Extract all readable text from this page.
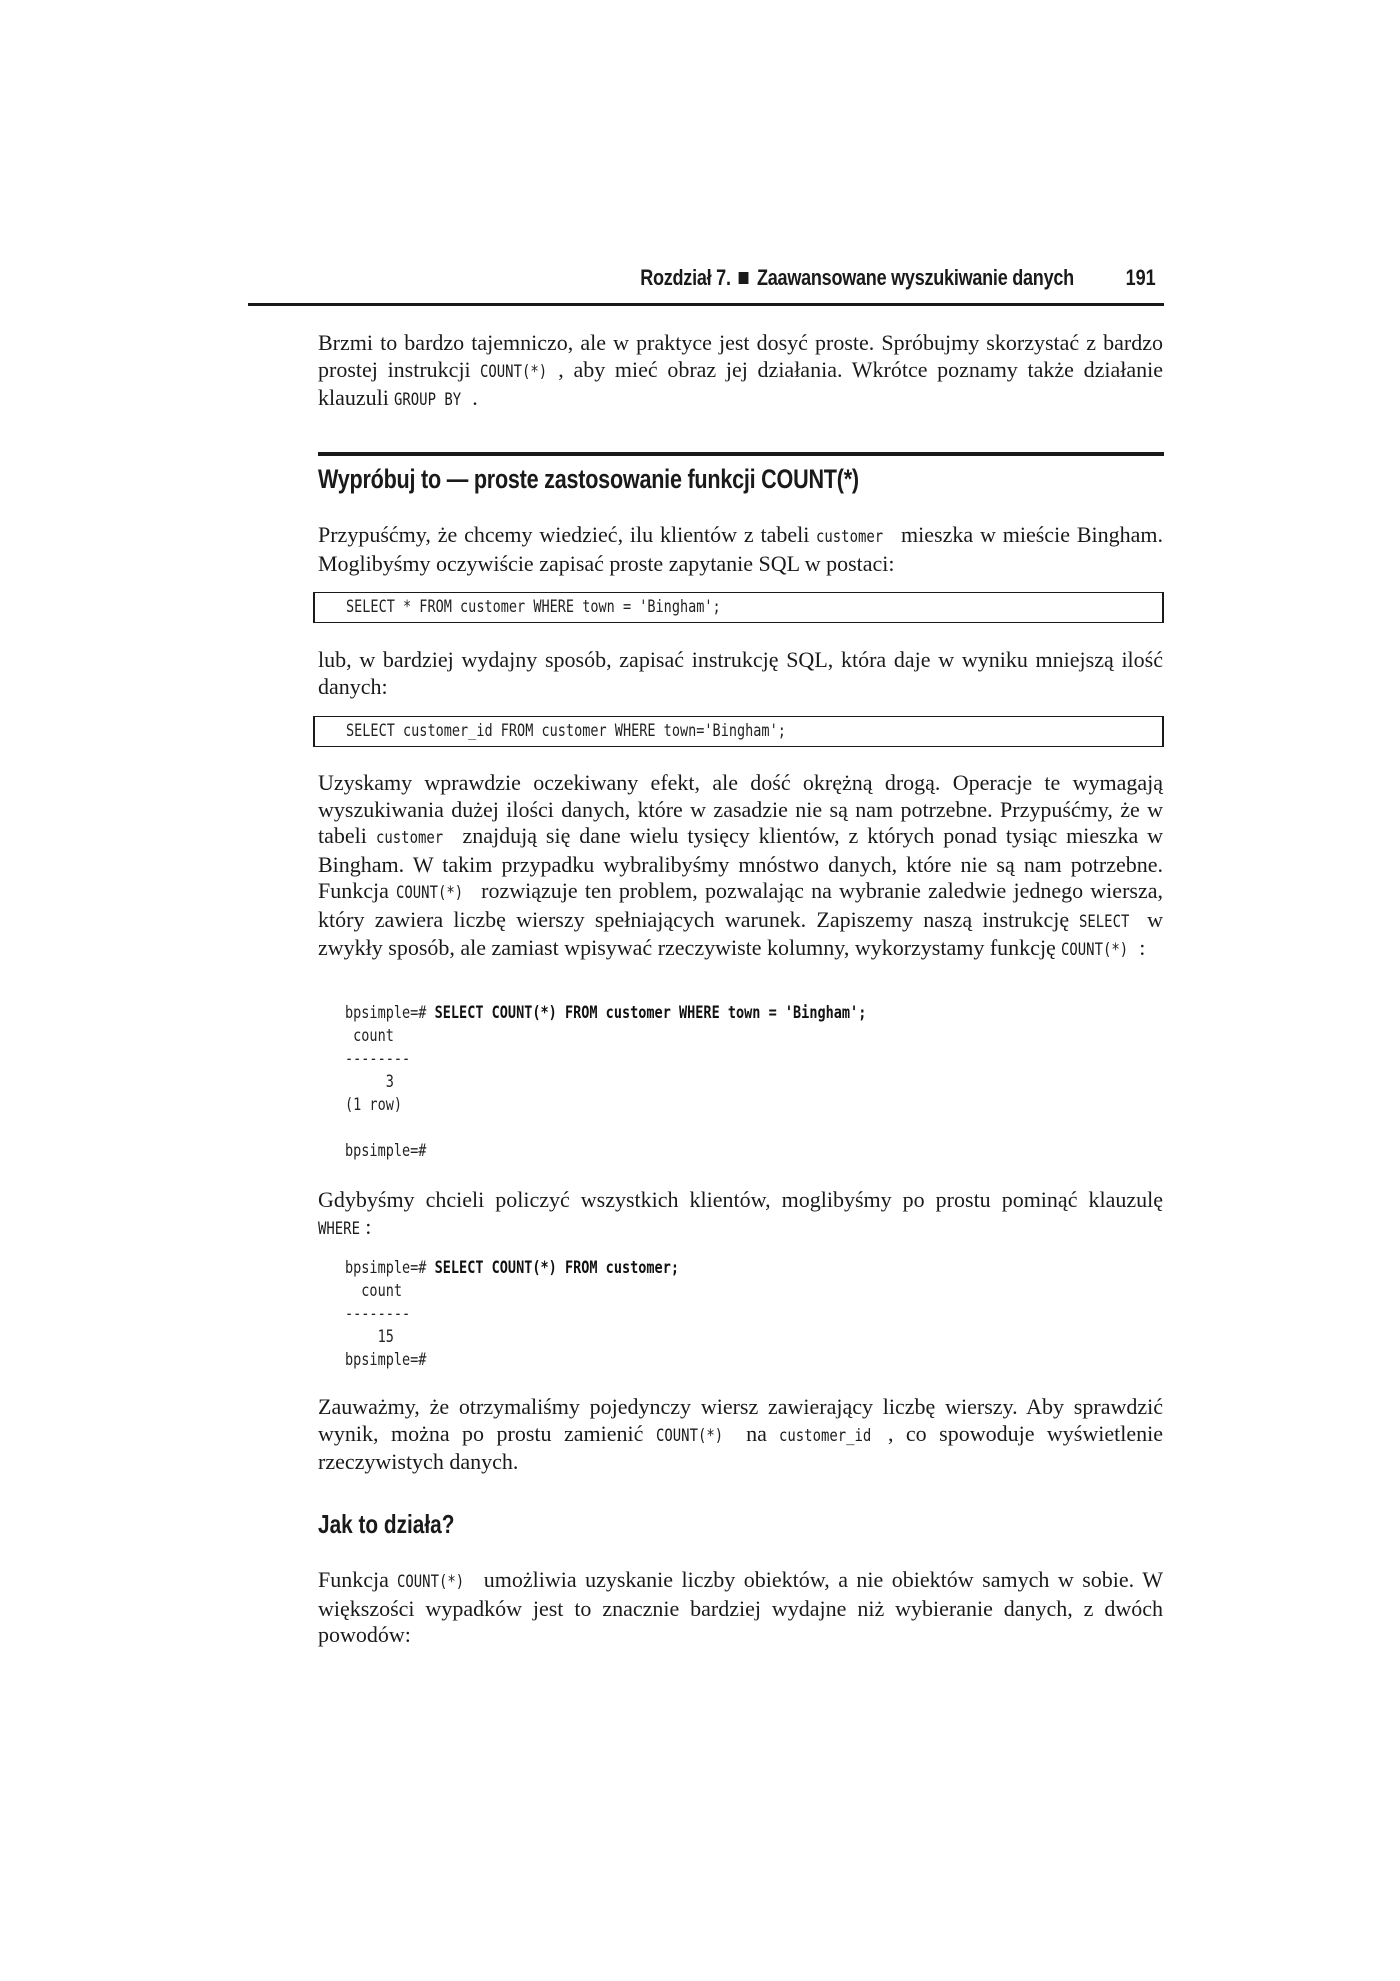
Rozdział 7. Zaawansowane wyszukiwanie danych 191

Brzmi to bardzo tajemniczo, ale w praktyce jest dosyć proste. Spróbujmy skorzystać z bardzo prostej instrukcji COUNT(*) , aby mieć obraz jej działania. Wkrótce poznamy także działanie klauzuli GROUP BY .

Wypróbuj to — proste zastosowanie funkcji COUNT(*)

Przypuśćmy, że chcemy wiedzieć, ilu klientów z tabeli customer mieszka w mieście Bingham. Moglibyśmy oczywiście zapisać proste zapytanie SQL w postaci:

SELECT * FROM customer WHERE town = 'Bingham';

lub, w bardziej wydajny sposób, zapisać instrukcję SQL, która daje w wyniku mniejszą ilość danych:

SELECT customer_id FROM customer WHERE town='Bingham';

Uzyskamy wprawdzie oczekiwany efekt, ale dość okrężną drogą. Operacje te wymagają wyszukiwania dużej ilości danych, które w zasadzie nie są nam potrzebne. Przypuśćmy, że w tabeli customer znajdują się dane wielu tysięcy klientów, z których ponad tysiąc mieszka w Bingham. W takim przypadku wybralibyśmy mnóstwo danych, które nie są nam potrzebne. Funkcja COUNT(*) rozwiązuje ten problem, pozwalając na wybranie zaledwie jednego wiersza, który zawiera liczbę wierszy spełniających warunek. Zapiszemy naszą instrukcję SELECT w zwykły sposób, ale zamiast wpisywać rzeczywiste kolumny, wykorzystamy funkcję COUNT(*) :

bpsimple=# SELECT COUNT(*) FROM customer WHERE town = 'Bingham';
count
--------
3
(1 row)
bpsimple=#

Gdybyśmy chcieli policzyć wszystkich klientów, moglibyśmy po prostu pominąć klauzulę WHERE :

bpsimple=# SELECT COUNT(*) FROM customer;
count
--------
15
bpsimple=#

Zauważmy, że otrzymaliśmy pojedynczy wiersz zawierający liczbę wierszy. Aby sprawdzić wynik, można po prostu zamienić COUNT(*) na customer_id , co spowoduje wyświetlenie rzeczywistych danych.

Jak to działa?

Funkcja COUNT(*) umożliwia uzyskanie liczby obiektów, a nie obiektów samych w sobie. W większości wypadków jest to znacznie bardziej wydajne niż wybieranie danych, z dwóch powodów:
